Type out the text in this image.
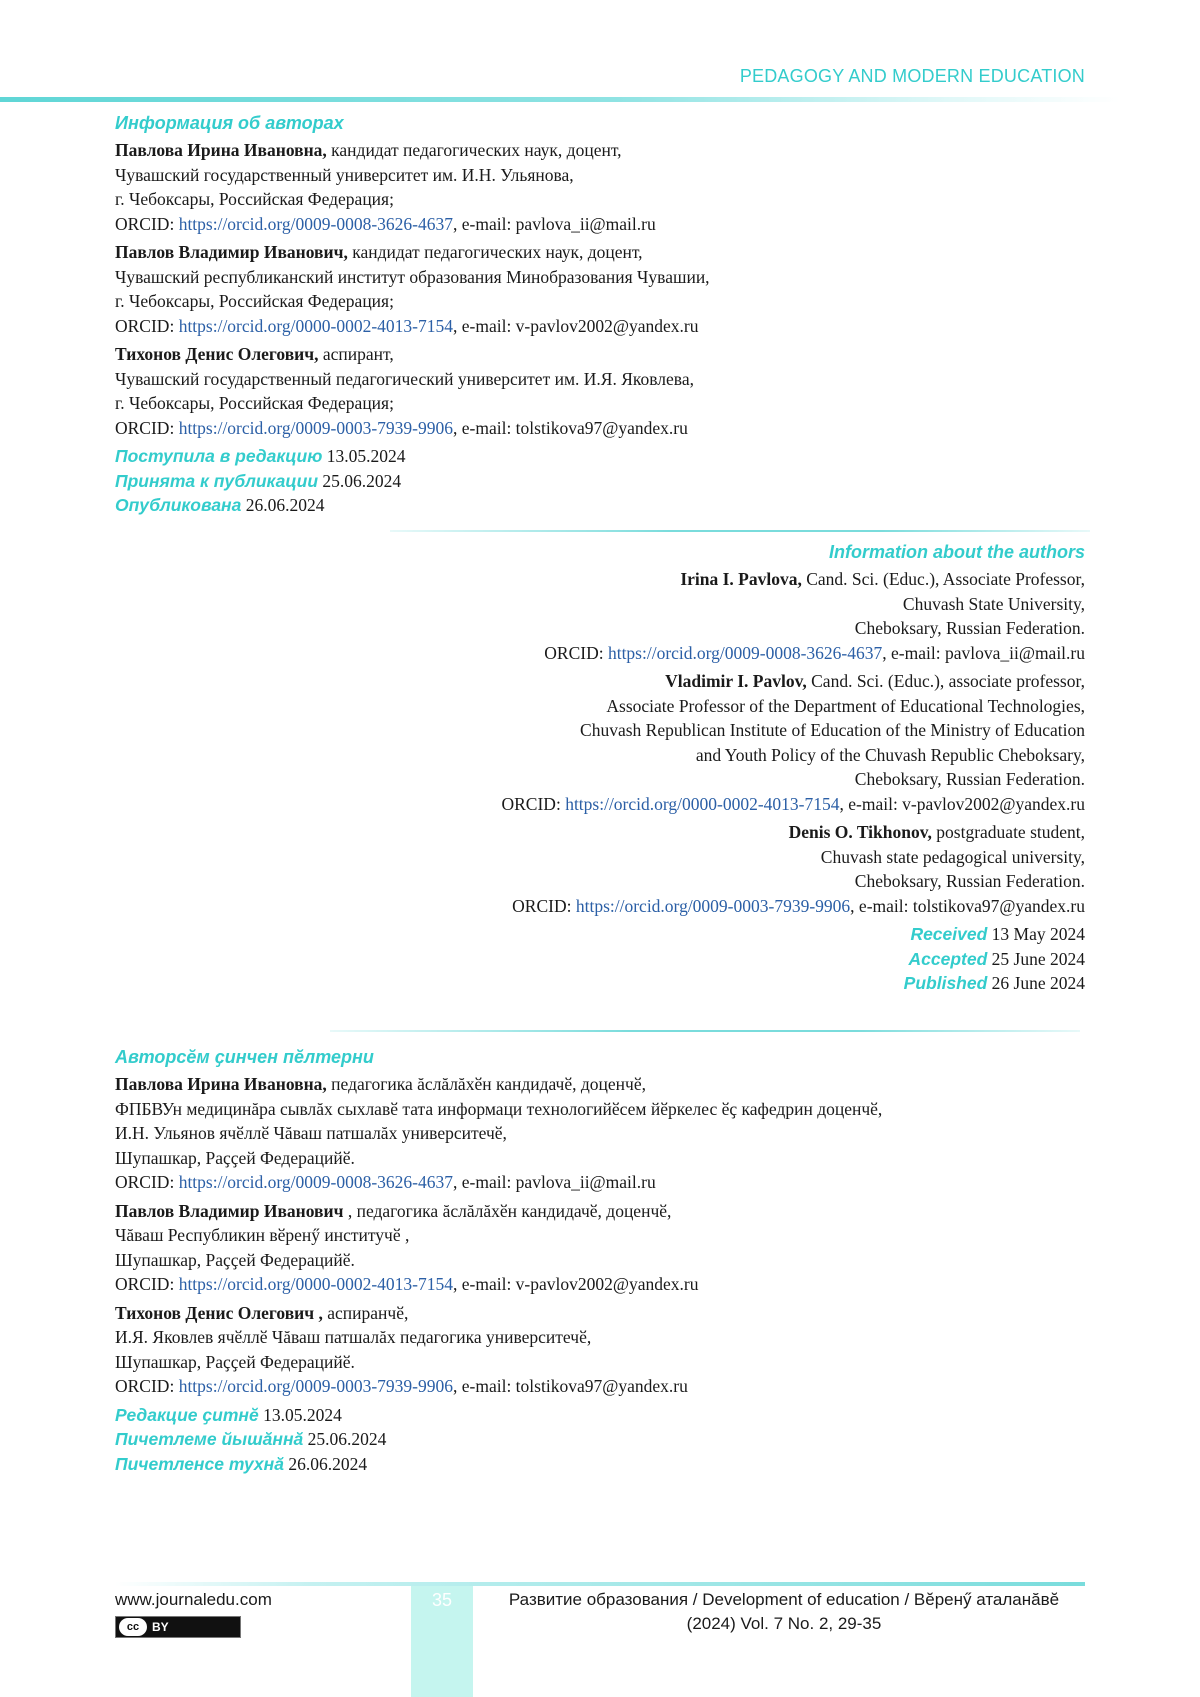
PEDAGOGY AND MODERN EDUCATION
Информация об авторах
Павлова Ирина Ивановна, кандидат педагогических наук, доцент,
Чувашский государственный университет им. И.Н. Ульянова,
г. Чебоксары, Российская Федерация;
ORCID: https://orcid.org/0009-0008-3626-4637, e-mail: pavlova_ii@mail.ru
Павлов Владимир Иванович, кандидат педагогических наук, доцент,
Чувашский республиканский институт образования Минобразования Чувашии,
г. Чебоксары, Российская Федерация;
ORCID: https://orcid.org/0000-0002-4013-7154, e-mail: v-pavlov2002@yandex.ru
Тихонов Денис Олегович, аспирант,
Чувашский государственный педагогический университет им. И.Я. Яковлева,
г. Чебоксары, Российская Федерация;
ORCID: https://orcid.org/0009-0003-7939-9906, e-mail: tolstikova97@yandex.ru
Поступила в редакцию 13.05.2024
Принята к публикации 25.06.2024
Опубликована 26.06.2024
Information about the authors
Irina I. Pavlova, Cand. Sci. (Educ.), Associate Professor,
Chuvash State University,
Cheboksary, Russian Federation.
ORCID: https://orcid.org/0009-0008-3626-4637, e-mail: pavlova_ii@mail.ru
Vladimir I. Pavlov, Cand. Sci. (Educ.), associate professor,
Associate Professor of the Department of Educational Technologies,
Chuvash Republican Institute of Education of the Ministry of Education
and Youth Policy of the Chuvash Republic Cheboksary,
Cheboksary, Russian Federation.
ORCID: https://orcid.org/0000-0002-4013-7154, e-mail: v-pavlov2002@yandex.ru
Denis O. Tikhonov, postgraduate student,
Chuvash state pedagogical university,
Cheboksary, Russian Federation.
ORCID: https://orcid.org/0009-0003-7939-9906, e-mail: tolstikova97@yandex.ru
Received 13 May 2024
Accepted 25 June 2024
Published 26 June 2024
Авторсӗм ҫинчен пӗлтерни
Павлова Ирина Ивановна, педагогика ăслăлăхӗн кандидачӗ, доценчӗ,
ФПБВУн медицинăра сывлăх сыхлавӗ тата информаци технологийӗсем йӗркелес ӗҫ кафедрин доценчӗ,
И.Н. Ульянов ячӗллӗ Чăваш патшалăх университечӗ,
Шупашкар, Раҫҫей Федерацийӗ.
ORCID: https://orcid.org/0009-0008-3626-4637, e-mail: pavlova_ii@mail.ru
Павлов Владимир Иванович , педагогика ăслăлăхӗн кандидачӗ, доценчӗ,
Чăваш Республикин вӗренӳ институчӗ ,
Шупашкар, Раҫҫей Федерацийӗ.
ORCID: https://orcid.org/0000-0002-4013-7154, e-mail: v-pavlov2002@yandex.ru
Тихонов Денис Олегович , аспиранчӗ,
И.Я. Яковлев ячӗллӗ Чăваш патшалăх педагогика университечӗ,
Шупашкар, Раҫҫей Федерацийӗ.
ORCID: https://orcid.org/0009-0003-7939-9906, e-mail: tolstikova97@yandex.ru
Редакцие ҫитнӗ 13.05.2024
Пичетлеме йышăннă 25.06.2024
Пичетленсе тухнă 26.06.2024
35
www.journaledu.com
cc	BY
Развитие образования / Development of education / Вӗренӳ аталанăвӗ
(2024) Vol. 7 No. 2, 29-35
